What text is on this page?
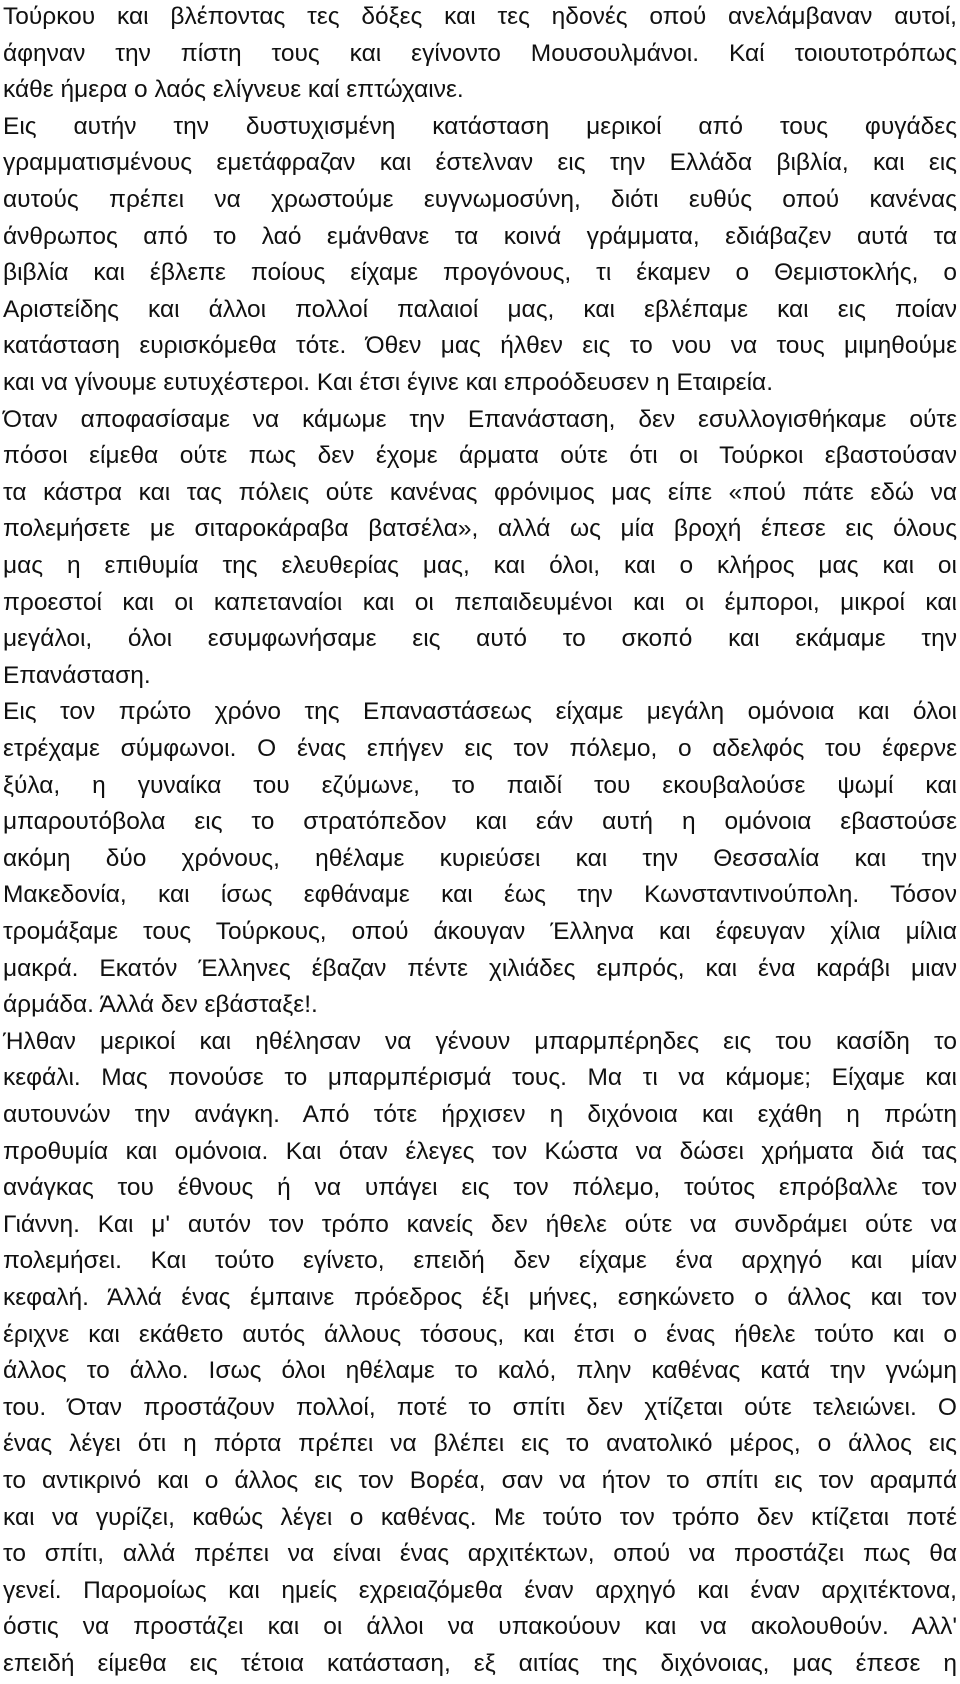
Τούρκου και βλέποντας τες δόξες και τες ηδονές οπού ανελάμβαναν αυτοί,
άφηναν την πίστη τους και εγίνοντο Μουσουλμάνοι. Καί τοιουτοτρόπως
κάθε ήμερα ο λαός ελίγνευε καί επτώχαινε.
Εις αυτήν την δυστυχισμένη κατάσταση μερικοί από τους φυγάδες
γραμματισμένους εμετάφραζαν και έστελναν εις την Ελλάδα βιβλία, και εις
αυτούς πρέπει να χρωστούμε ευγνωμοσύνη, διότι ευθύς οπού κανένας
άνθρωπος από το λαό εμάνθανε τα κοινά γράμματα, εδιάβαζεν αυτά τα
βιβλία και έβλεπε ποίους είχαμε προγόνους, τι έκαμεν ο Θεμιστοκλής, ο
Αριστείδης και άλλοι πολλοί παλαιοί μας, και εβλέπαμε και εις ποίαν
κατάσταση ευρισκόμεθα τότε. Όθεν μας ήλθεν εις το νου να τους μιμηθούμε
και να γίνουμε ευτυχέστεροι. Και έτσι έγινε και επροόδευσεν η Εταιρεία.
Όταν αποφασίσαμε να κάμωμε την Επανάσταση, δεν εσυλλογισθήκαμε ούτε
πόσοι είμεθα ούτε πως δεν έχομε άρματα ούτε ότι οι Τούρκοι εβαστούσαν
τα κάστρα και τας πόλεις ούτε κανένας φρόνιμος μας είπε «πού πάτε εδώ να
πολεμήσετε με σιταροκάραβα βατσέλα», αλλά ως μία βροχή έπεσε εις όλους
μας η επιθυμία της ελευθερίας μας, και όλοι, και ο κλήρος μας και οι
προεστοί και οι καπεταναίοι και οι πεπαιδευμένοι και οι έμποροι, μικροί και
μεγάλοι, όλοι εσυμφωνήσαμε εις αυτό το σκοπό και εκάμαμε την
Επανάσταση.
Εις τον πρώτο χρόνο της Επαναστάσεως είχαμε μεγάλη ομόνοια και όλοι
ετρέχαμε σύμφωνοι. Ο ένας επήγεν εις τον πόλεμο, ο αδελφός του έφερνε
ξύλα, η γυναίκα του εζύμωνε, το παιδί του εκουβαλούσε ψωμί και
μπαρουτόβολα εις το στρατόπεδον και εάν αυτή η ομόνοια εβαστούσε
ακόμη δύο χρόνους, ηθέλαμε κυριεύσει και την Θεσσαλία και την
Μακεδονία, και ίσως εφθάναμε και έως την Κωνσταντινούπολη. Τόσον
τρομάξαμε τους Τούρκους, οπού άκουγαν Έλληνα και έφευγαν χίλια μίλια
μακρά. Εκατόν Έλληνες έβαζαν πέντε χιλιάδες εμπρός, και ένα καράβι μιαν
άρμάδα. Άλλά δεν εβάσταξε!.
Ήλθαν μερικοί και ηθέλησαν να γένουν μπαρμπέρηδες εις του κασίδη το
κεφάλι. Μας πονούσε το μπαρμπέρισμά τους. Μα τι να κάμομε; Είχαμε και
αυτουνών την ανάγκη. Από τότε ήρχισεν η διχόνοια και εχάθη η πρώτη
προθυμία και ομόνοια. Και όταν έλεγες τον Κώστα να δώσει χρήματα διά τας
ανάγκας του έθνους ή να υπάγει εις τον πόλεμο, τούτος επρόβαλλε τον
Γιάννη. Και μ' αυτόν τον τρόπο κανείς δεν ήθελε ούτε να συνδράμει ούτε να
πολεμήσει. Και τούτο εγίνετο, επειδή δεν είχαμε ένα αρχηγό και μίαν
κεφαλή. Άλλά ένας έμπαινε πρόεδρος έξι μήνες, εσηκώνετο ο άλλος και τον
έριχνε και εκάθετο αυτός άλλους τόσους, και έτσι ο ένας ήθελε τούτο και ο
άλλος το άλλο. Ισως όλοι ηθέλαμε το καλό, πλην καθένας κατά την γνώμη
του. Όταν προστάζουν πολλοί, ποτέ το σπίτι δεν χτίζεται ούτε τελειώνει. Ο
ένας λέγει ότι η πόρτα πρέπει να βλέπει εις το ανατολικό μέρος, ο άλλος εις
το αντικρινό και ο άλλος εις τον Βορέα, σαν να ήτον το σπίτι εις τον αραμπά
και να γυρίζει, καθώς λέγει ο καθένας. Με τούτο τον τρόπο δεν κτίζεται ποτέ
το σπίτι, αλλά πρέπει να είναι ένας αρχιτέκτων, οπού να προστάζει πως θα
γενεί. Παρομοίως και ημείς εχρειαζόμεθα έναν αρχηγό και έναν αρχιτέκτονα,
όστις να προστάζει και οι άλλοι να υπακούουν και να ακολουθούν. Αλλ'
επειδή είμεθα εις τέτοια κατάσταση, εξ αιτίας της διχόνοιας, μας έπεσε η
